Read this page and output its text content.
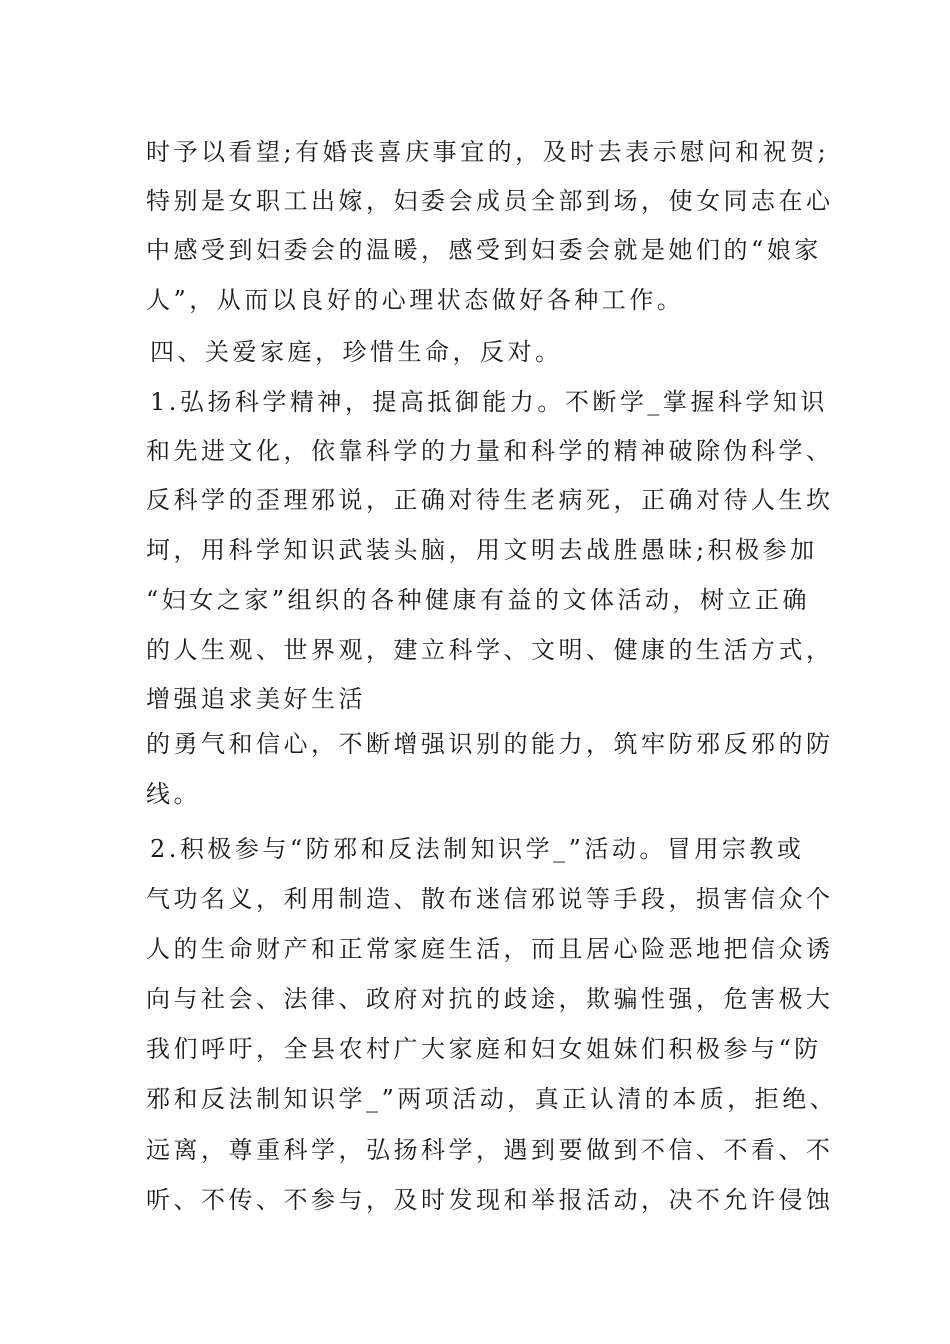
时予以看望;有婚丧喜庆事宜的，及时去表示慰问和祝贺;
特别是女职工出嫁，妇委会成员全部到场，使女同志在心
中感受到妇委会的温暖，感受到妇委会就是她们的“娘家
人”，从而以良好的心理状态做好各种工作。
四、关爱家庭，珍惜生命，反对。
1.弘扬科学精神，提高抵御能力。不断学_掌握科学知识
和先进文化，依靠科学的力量和科学的精神破除伪科学、
反科学的歪理邪说，正确对待生老病死，正确对待人生坎
坷，用科学知识武装头脑，用文明去战胜愚昧;积极参加
“妇女之家”组织的各种健康有益的文体活动，树立正确
的人生观、世界观，建立科学、文明、健康的生活方式，
增强追求美好生活
的勇气和信心，不断增强识别的能力，筑牢防邪反邪的防
线。
2.积极参与“防邪和反法制知识学_”活动。冒用宗教或
气功名义，利用制造、散布迷信邪说等手段，损害信众个
人的生命财产和正常家庭生活，而且居心险恶地把信众诱
向与社会、法律、政府对抗的歧途，欺骗性强，危害极大
我们呼吁，全县农村广大家庭和妇女姐妹们积极参与“防
邪和反法制知识学_”两项活动，真正认清的本质，拒绝、
远离，尊重科学，弘扬科学，遇到要做到不信、不看、不
听、不传、不参与，及时发现和举报活动，决不允许侵蚀
